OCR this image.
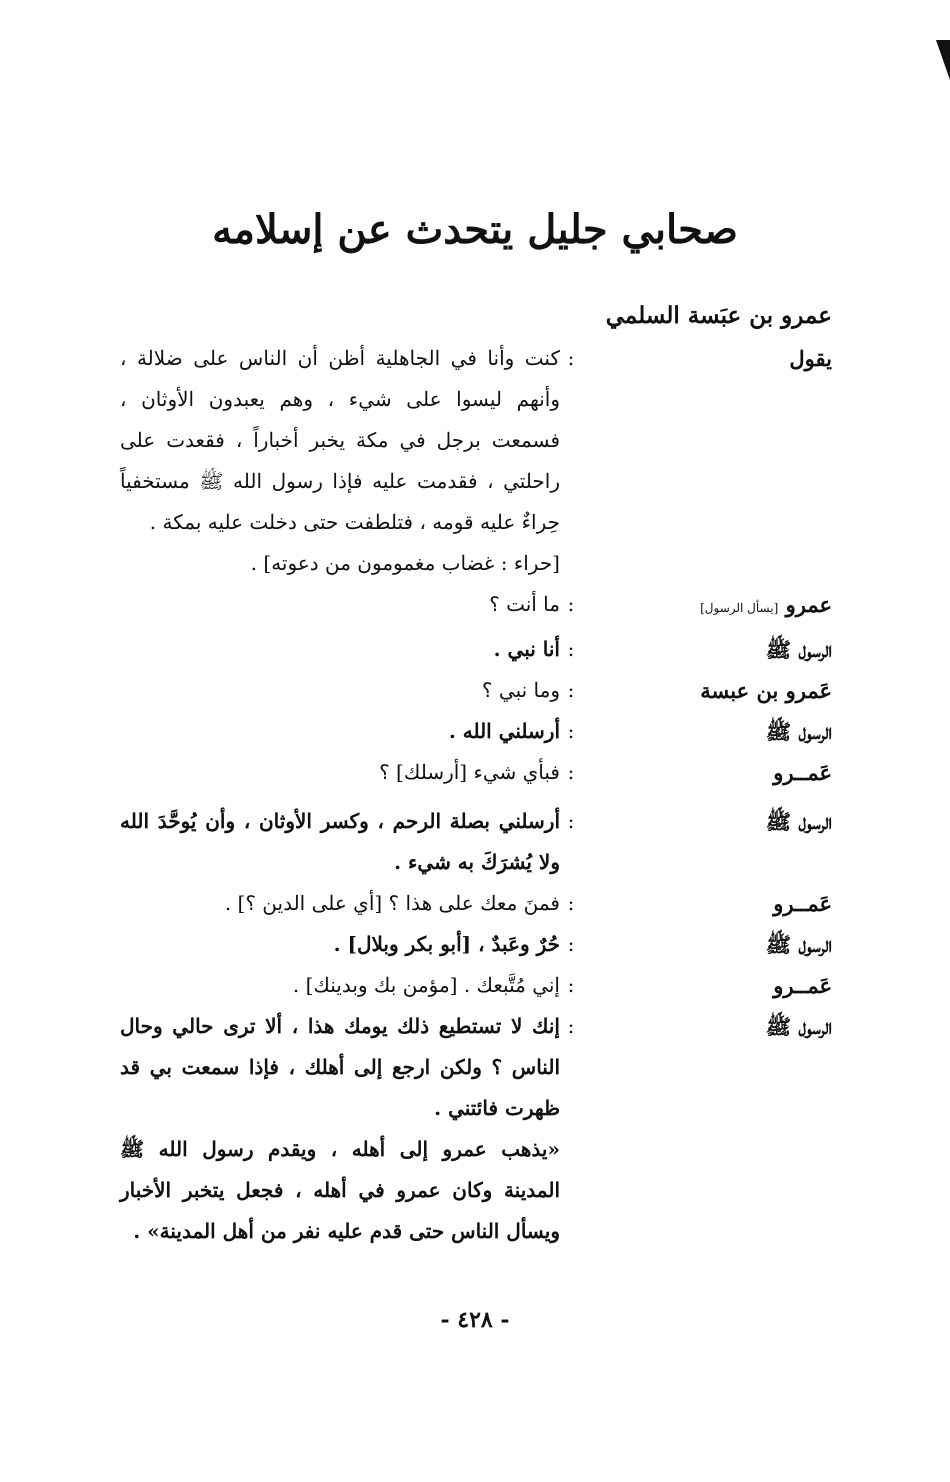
صحابي جليل يتحدث عن إسلامه
عمرو بن عبَسة السلمي
يقول
:
كنت وأنا في الجاهلية أظن أن الناس على ضلالة ، وأنهم ليسوا على شيء ، وهم يعبدون الأوثان ، فسمعت برجل في مكة يخبر أخباراً ، فقعدت على راحلتي ، فقدمت عليه فإذا رسول الله ﷺ مستخفياً حِراءٌ عليه قومه ، فتلطفت حتى دخلت عليه بمكة .
[حراء : غضاب مغمومون من دعوته] .
عمرو [يسأل الرسول]
:
ما أنت ؟
الرسول ﷺ
:
أنا نبي .
عَمرو بن عبسة
:
وما نبي ؟
الرسول ﷺ
:
أرسلني الله .
عَمــرو
:
فبأي شيء [أرسلك] ؟
الرسول ﷺ
:
أرسلني بصلة الرحم ، وكسر الأوثان ، وأن يُوحَّدَ الله ولا يُشرَكَ به شيء .
عَمــرو
:
فمنَ معك على هذا ؟ [أي على الدين ؟] .
الرسول ﷺ
:
حُرٌ وعَبدٌ ، [أبو بكر وبلال] .
عَمــرو
:
إني مُتَّبعك . [مؤمن بك وبدينك] .
الرسول ﷺ
:
إنك لا تستطيع ذلك يومك هذا ، ألا ترى حالي وحال الناس ؟ ولكن ارجع إلى أهلك ، فإذا سمعت بي قد ظهرت فائتني .
«يذهب عمرو إلى أهله ، ويقدم رسول الله ﷺ المدينة وكان عمرو في أهله ، فجعل يتخبر الأخبار ويسأل الناس حتى قدم عليه نفر من أهل المدينة» .
- ٤٢٨ -
